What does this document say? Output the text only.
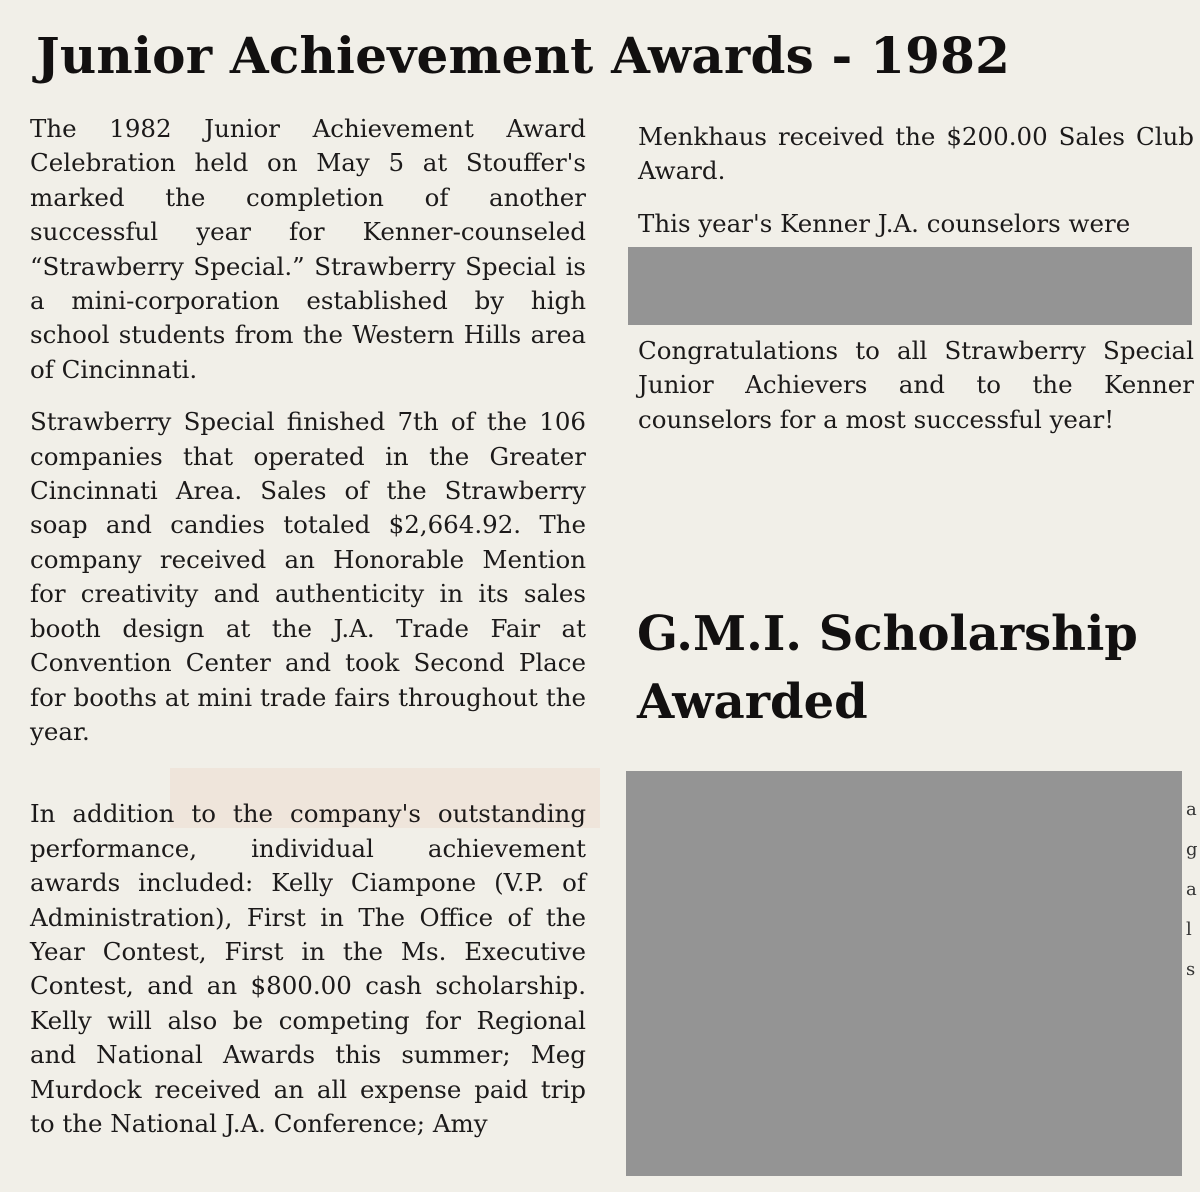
Junior Achievement Awards - 1982

The 1982 Junior Achievement Award Celebration held on May 5 at Stouffer's marked the completion of another successful year for Kenner-counseled “Strawberry Special.” Strawberry Special is a mini-corporation established by high school students from the Western Hills area of Cincinnati.

Strawberry Special finished 7th of the 106 companies that operated in the Greater Cincinnati Area. Sales of the Strawberry soap and candies totaled $2,664.92. The company received an Honorable Mention for creativity and authenticity in its sales booth design at the J.A. Trade Fair at Convention Center and took Second Place for booths at mini trade fairs throughout the year.

In addition to the company's outstanding performance, individual achievement awards included: Kelly Ciampone (V.P. of Administration), First in The Office of the Year Contest, First in the Ms. Executive Contest, and an $800.00 cash scholarship. Kelly will also be competing for Regional and National Awards this summer; Meg Murdock received an all expense paid trip to the National J.A. Conference; Amy

Menkhaus received the $200.00 Sales Club Award.

This year's Kenner J.A. counselors were

Congratulations to all Strawberry Special Junior Achievers and to the Kenner counselors for a most successful year!

G.M.I. Scholarship Awarded
a
g
a
l
s
